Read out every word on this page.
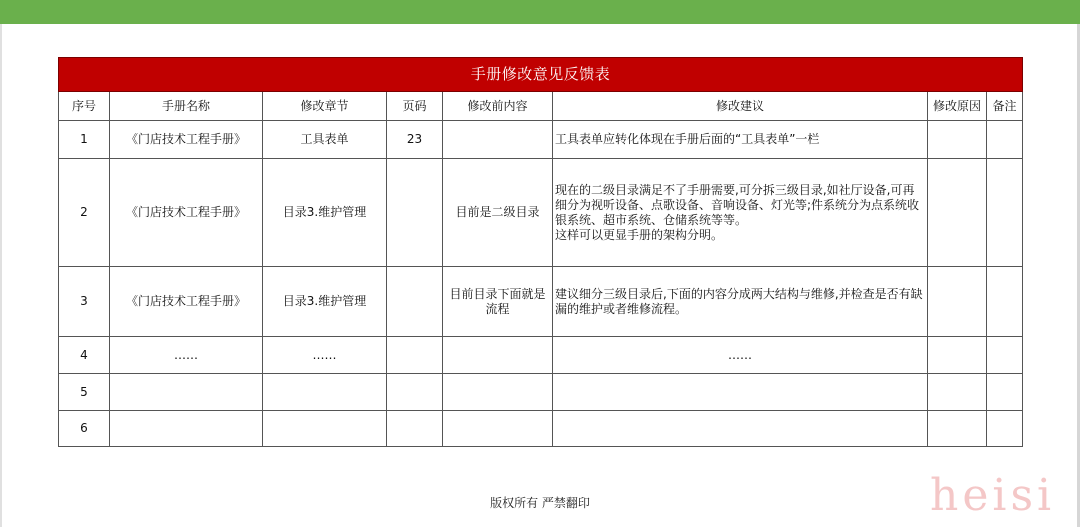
手册修改意见反馈表							
序号	手册名称	修改章节	页码	修改前内容	修改建议	修改原因	备注
1	《门店技术工程手册》	工具表单	23		工具表单应转化体现在手册后面的“工具表单”一栏		
2	《门店技术工程手册》	目录3.维护管理		目前是二级目录	现在的二级目录满足不了手册需要,可分拆三级目录,如社厅设备,可再细分为视听设备、点歌设备、音响设备、灯光等;件系统分为点系统收银系统、超市系统、仓储系统等等。
这样可以更显手册的架构分明。		
3	《门店技术工程手册》	目录3.维护管理		目前目录下面就是流程	建议细分三级目录后,下面的内容分成两大结构与维修,并检查是否有缺漏的维护或者维修流程。		
4	……	……			……		
5							
6							
版权所有 严禁翻印	heisi
